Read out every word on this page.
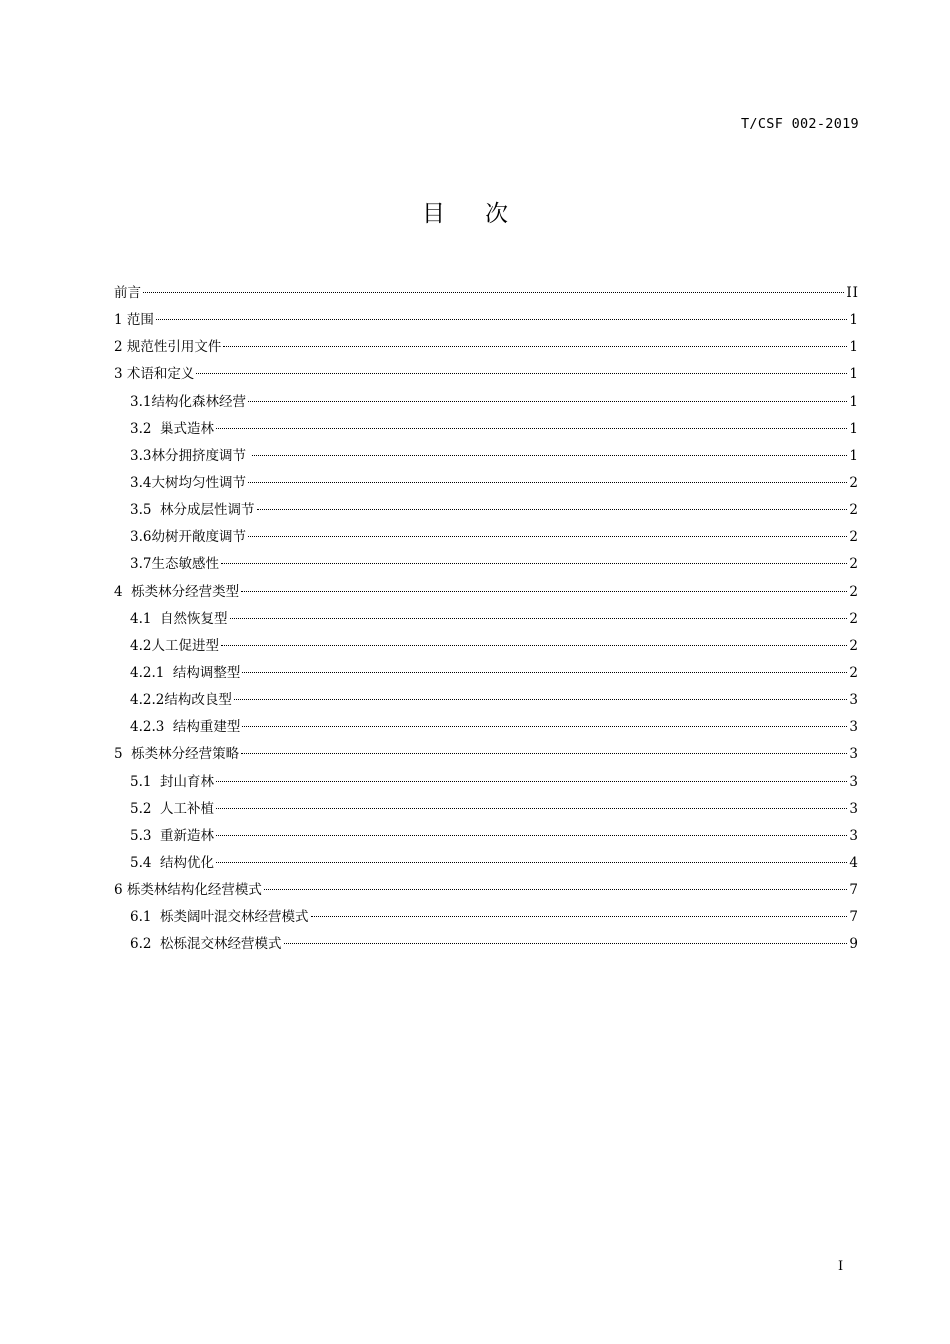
T/CSF 002-2019
目次
前言	II
1 范围	1
2 规范性引用文件	1
3 术语和定义	1
3.1结构化森林经营	1
3.2  巢式造林	1
3.3林分拥挤度调节	1
3.4大树均匀性调节	2
3.5  林分成层性调节	2
3.6幼树开敞度调节	2
3.7生态敏感性	2
4  栎类林分经营类型	2
4.1  自然恢复型	2
4.2人工促进型	2
4.2.1  结构调整型	2
4.2.2结构改良型	3
4.2.3  结构重建型	3
5  栎类林分经营策略	3
5.1  封山育林	3
5.2  人工补植	3
5.3  重新造林	3
5.4  结构优化	4
6 栎类林结构化经营模式	7
6.1  栎类阔叶混交林经营模式	7
6.2  松栎混交林经营模式	9
I
